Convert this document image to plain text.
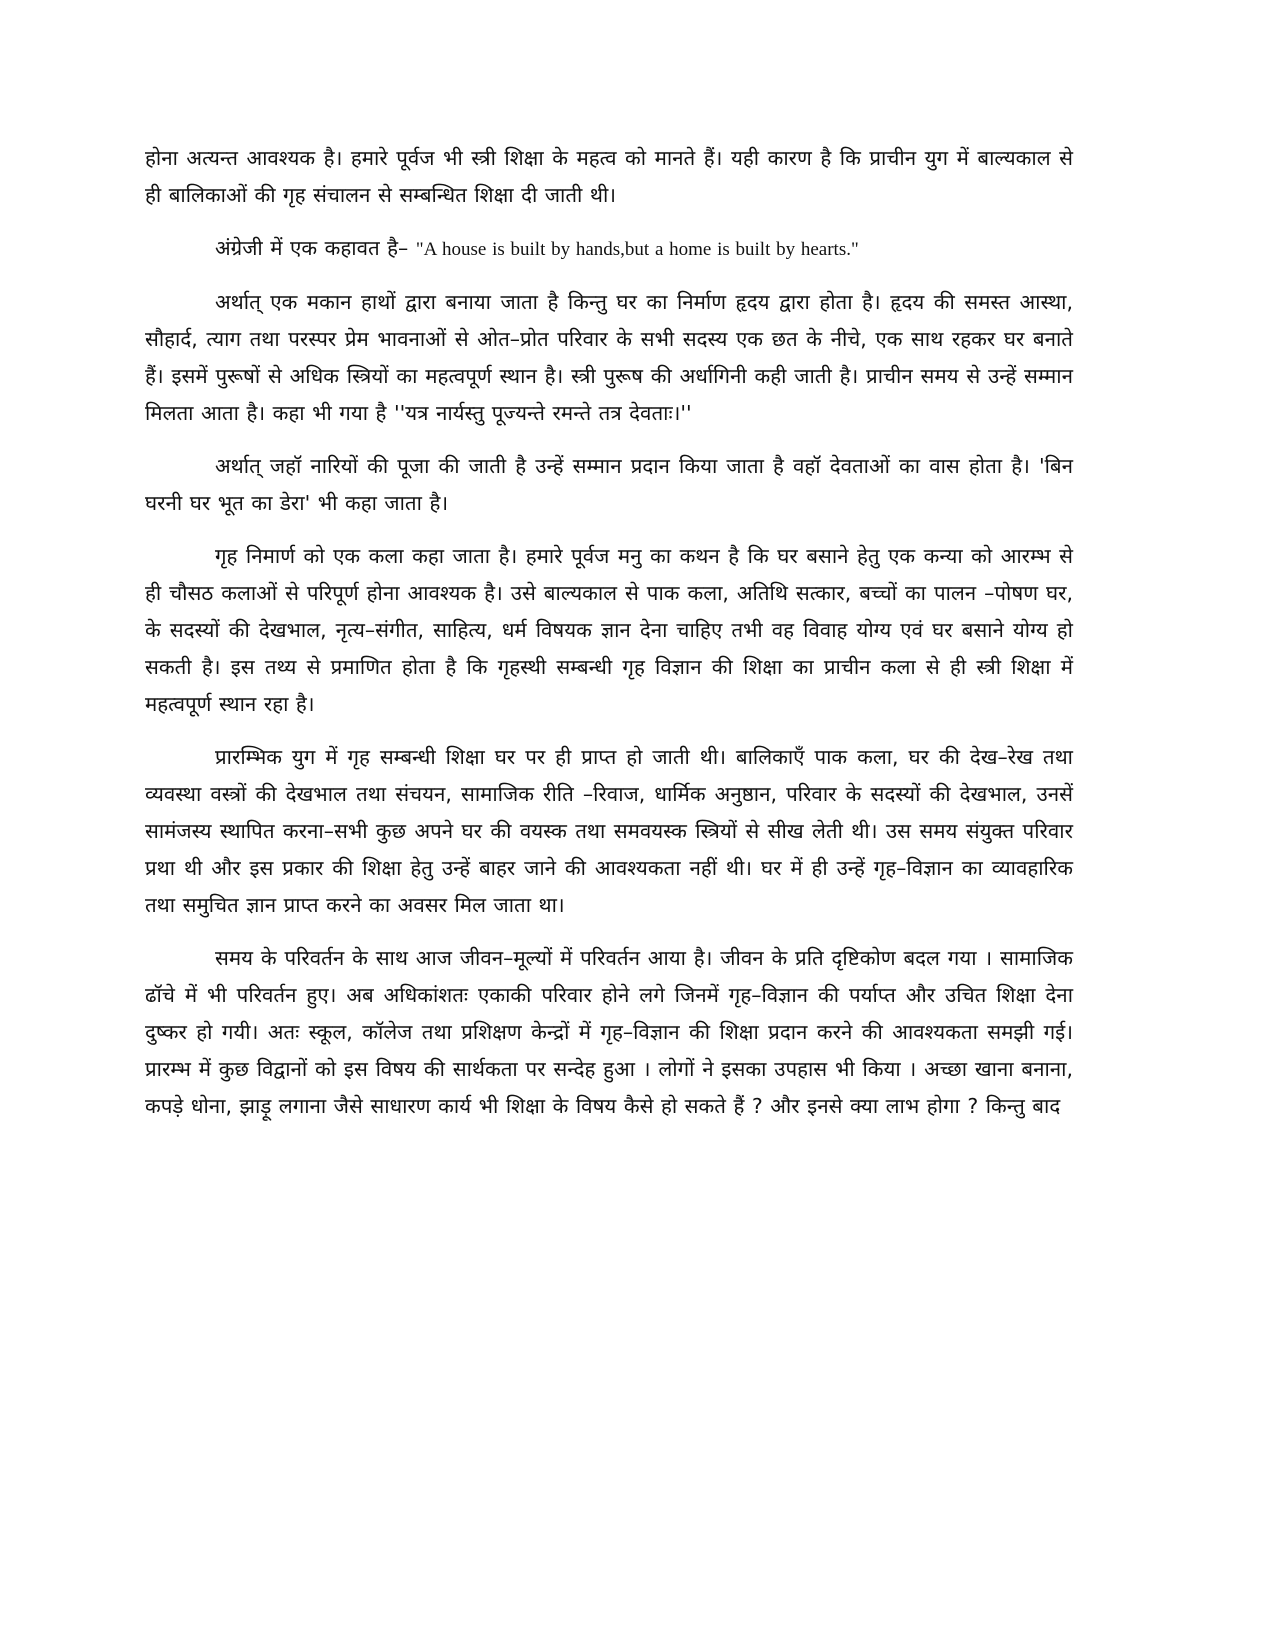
होना अत्यन्त आवश्यक है। हमारे पूर्वज भी स्त्री शिक्षा के महत्व को मानते हैं। यही कारण है कि प्राचीन युग में बाल्यकाल से ही बालिकाओं की गृह संचालन से सम्बन्धित शिक्षा दी जाती थी।

अंग्रेजी में एक कहावत है– "A house is built by hands,but a home is built by hearts."

अर्थात् एक मकान हाथों द्वारा बनाया जाता है किन्तु घर का निर्माण हृदय द्वारा होता है। हृदय की समस्त आस्था, सौहार्द, त्याग तथा परस्पर प्रेम भावनाओं से ओत–प्रोत परिवार के सभी सदस्य एक छत के नीचे, एक साथ रहकर घर बनाते हैं। इसमें पुरूषों से अधिक स्त्रियों का महत्वपूर्ण स्थान है। स्त्री पुरूष की अर्धागिनी कही जाती है। प्राचीन समय से उन्हें सम्मान मिलता आता है। कहा भी गया है ''यत्र नार्यस्तु पूज्यन्ते रमन्ते तत्र देवताः।''

अर्थात् जहॉ नारियों की पूजा की जाती है उन्हें सम्मान प्रदान किया जाता है वहॉ देवताओं का वास होता है। 'बिन घरनी घर भूत का डेरा' भी कहा जाता है।

गृह निमार्ण को एक कला कहा जाता है। हमारे पूर्वज मनु का कथन है कि घर बसाने हेतु एक कन्या को आरम्भ से ही चौसठ कलाओं से परिपूर्ण होना आवश्यक है। उसे बाल्यकाल से पाक कला, अतिथि सत्कार, बच्चों का पालन –पोषण घर, के सदस्यों की देखभाल, नृत्य–संगीत, साहित्य, धर्म विषयक ज्ञान देना चाहिए तभी वह विवाह योग्य एवं घर बसाने योग्य हो सकती है। इस तथ्य से प्रमाणित होता है कि गृहस्थी सम्बन्धी गृह विज्ञान की शिक्षा का प्राचीन कला से ही स्त्री शिक्षा में महत्वपूर्ण स्थान रहा है।

प्रारम्भिक युग में गृह सम्बन्धी शिक्षा घर पर ही प्राप्त हो जाती थी। बालिकाऍं पाक कला, घर की देख–रेख तथा व्यवस्था वस्त्रों की देखभाल तथा संचयन, सामाजिक रीति –रिवाज, धार्मिक अनुष्ठान, परिवार के सदस्यों की देखभाल, उनसें सामंजस्य स्थापित करना–सभी कुछ अपने घर की वयस्क तथा समवयस्क स्त्रियों से सीख लेती थी। उस समय संयुक्त परिवार प्रथा थी और इस प्रकार की शिक्षा हेतु उन्हें बाहर जाने की आवश्यकता नहीं थी। घर में ही उन्हें गृह–विज्ञान का व्यावहारिक तथा समुचित ज्ञान प्राप्त करने का अवसर मिल जाता था।

समय के परिवर्तन के साथ आज जीवन–मूल्यों में परिवर्तन आया है। जीवन के प्रति दृष्टिकोण बदल गया । सामाजिक ढॉचे में भी परिवर्तन हुए। अब अधिकांशतः एकाकी परिवार होने लगे जिनमें गृह–विज्ञान की पर्याप्त और उचित शिक्षा देना दुष्कर हो गयी। अतः स्कूल, कॉलेज तथा प्रशिक्षण केन्द्रों में गृह–विज्ञान की शिक्षा प्रदान करने की आवश्यकता समझी गई। प्रारम्भ में कुछ विद्वानों को इस विषय की सार्थकता पर सन्देह हुआ । लोगों ने इसका उपहास भी किया । अच्छा खाना बनाना, कपड़े धोना, झाड़ू लगाना जैसे साधारण कार्य भी शिक्षा के विषय कैसे हो सकते हैं ? और इनसे क्या लाभ होगा ? किन्तु बाद
